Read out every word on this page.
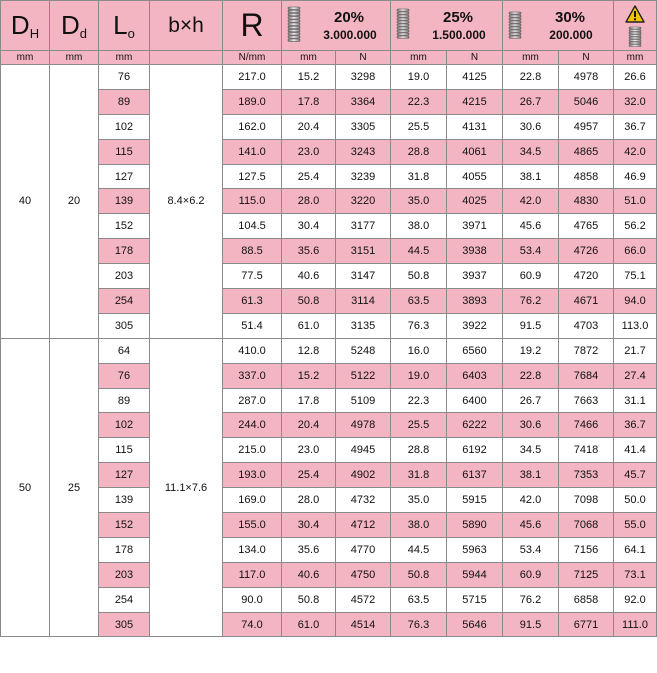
$D_H$	$D_d$	$L_o$	b×h	R	20%
3.000.000		25%
1.500.000		30%
200.000

mm	mm	mm		N/mm	mm	N	mm	N	mm	N	mm
40	20	76	8.4×6.2	217.0	15.2	3298	19.0	4125	22.8	4978	26.6
		89		189.0	17.8	3364	22.3	4215	26.7	5046	32.0
		102		162.0	20.4	3305	25.5	4131	30.6	4957	36.7
		115		141.0	23.0	3243	28.8	4061	34.5	4865	42.0
		127		127.5	25.4	3239	31.8	4055	38.1	4858	46.9
		139		115.0	28.0	3220	35.0	4025	42.0	4830	51.0
		152		104.5	30.4	3177	38.0	3971	45.6	4765	56.2
		178		88.5	35.6	3151	44.5	3938	53.4	4726	66.0
		203		77.5	40.6	3147	50.8	3937	60.9	4720	75.1
		254		61.3	50.8	3114	63.5	3893	76.2	4671	94.0
		305		51.4	61.0	3135	76.3	3922	91.5	4703	113.0
50	25	64	11.1×7.6	410.0	12.8	5248	16.0	6560	19.2	7872	21.7
		76		337.0	15.2	5122	19.0	6403	22.8	7684	27.4
		89		287.0	17.8	5109	22.3	6400	26.7	7663	31.1
		102		244.0	20.4	4978	25.5	6222	30.6	7466	36.7
		115		215.0	23.0	4945	28.8	6192	34.5	7418	41.4
		127		193.0	25.4	4902	31.8	6137	38.1	7353	45.7
		139		169.0	28.0	4732	35.0	5915	42.0	7098	50.0
		152		155.0	30.4	4712	38.0	5890	45.6	7068	55.0
		178		134.0	35.6	4770	44.5	5963	53.4	7156	64.1
		203		117.0	40.6	4750	50.8	5944	60.9	7125	73.1
		254		90.0	50.8	4572	63.5	5715	76.2	6858	92.0
		305		74.0	61.0	4514	76.3	5646	91.5	6771	111.0
